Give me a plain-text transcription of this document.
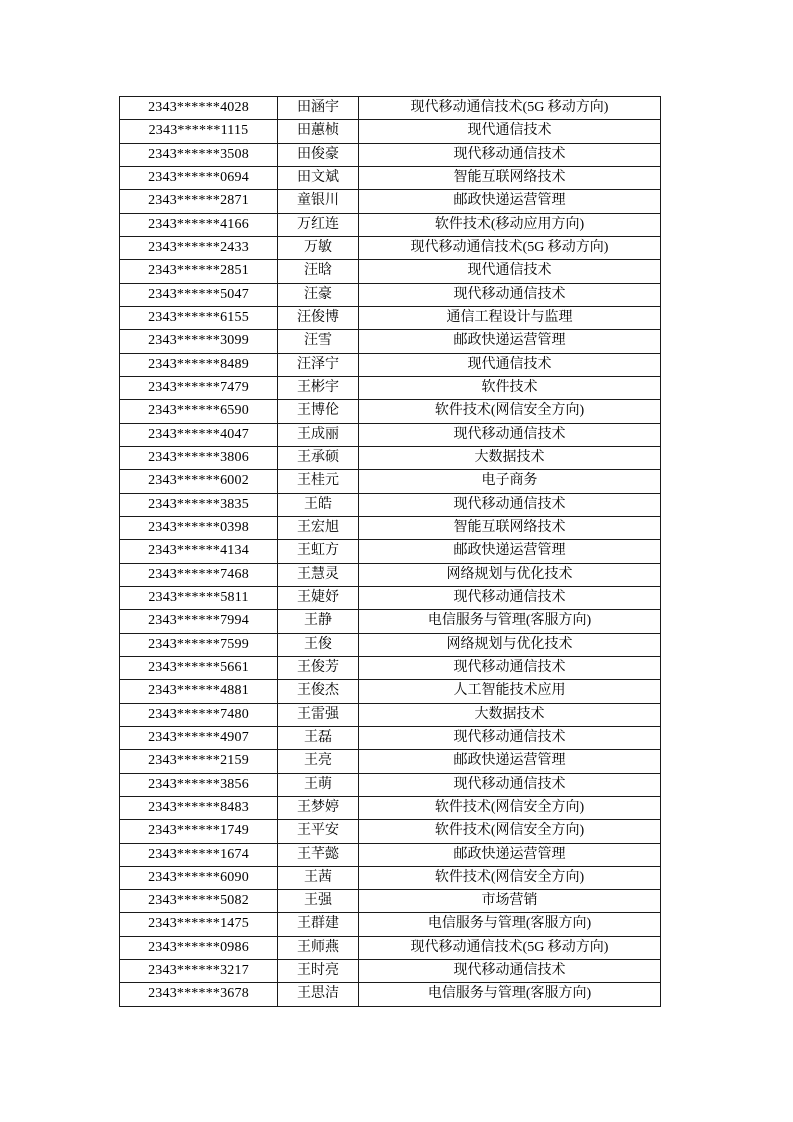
2343******4028	田涵宇	现代移动通信技术(5G 移动方向)
2343******1115	田蕙桢	现代通信技术
2343******3508	田俊豪	现代移动通信技术
2343******0694	田文斌	智能互联网络技术
2343******2871	童银川	邮政快递运营管理
2343******4166	万红连	软件技术(移动应用方向)
2343******2433	万敏	现代移动通信技术(5G 移动方向)
2343******2851	汪晗	现代通信技术
2343******5047	汪豪	现代移动通信技术
2343******6155	汪俊博	通信工程设计与监理
2343******3099	汪雪	邮政快递运营管理
2343******8489	汪泽宁	现代通信技术
2343******7479	王彬宇	软件技术
2343******6590	王博伦	软件技术(网信安全方向)
2343******4047	王成丽	现代移动通信技术
2343******3806	王承硕	大数据技术
2343******6002	王桂元	电子商务
2343******3835	王皓	现代移动通信技术
2343******0398	王宏旭	智能互联网络技术
2343******4134	王虹方	邮政快递运营管理
2343******7468	王慧灵	网络规划与优化技术
2343******5811	王婕妤	现代移动通信技术
2343******7994	王静	电信服务与管理(客服方向)
2343******7599	王俊	网络规划与优化技术
2343******5661	王俊芳	现代移动通信技术
2343******4881	王俊杰	人工智能技术应用
2343******7480	王雷强	大数据技术
2343******4907	王磊	现代移动通信技术
2343******2159	王亮	邮政快递运营管理
2343******3856	王萌	现代移动通信技术
2343******8483	王梦婷	软件技术(网信安全方向)
2343******1749	王平安	软件技术(网信安全方向)
2343******1674	王芊懿	邮政快递运营管理
2343******6090	王茜	软件技术(网信安全方向)
2343******5082	王强	市场营销
2343******1475	王群建	电信服务与管理(客服方向)
2343******0986	王师燕	现代移动通信技术(5G 移动方向)
2343******3217	王时亮	现代移动通信技术
2343******3678	王思洁	电信服务与管理(客服方向)
